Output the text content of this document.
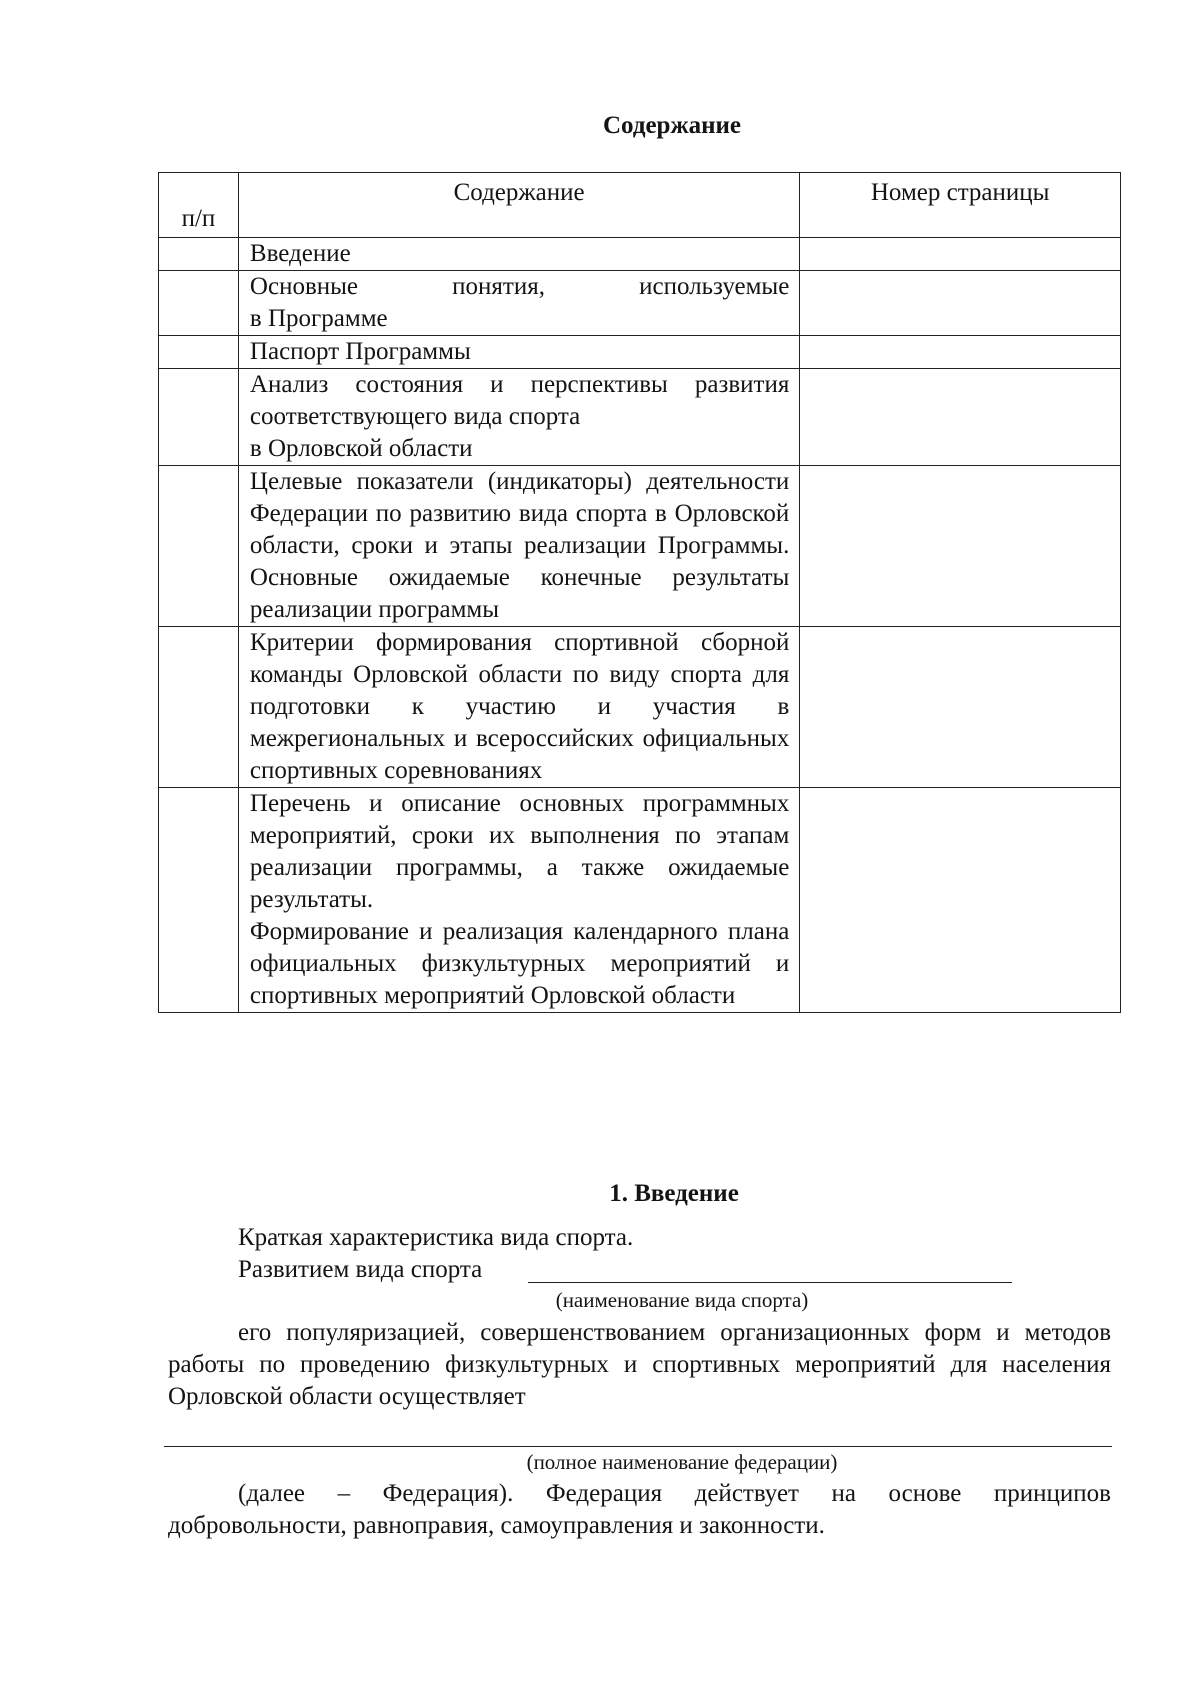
Содержание
п/п	Содержание	Номер страницы

	Введение	

	Основные понятия, используемые
в Программе	

	Паспорт Программы	

	Анализ состояния и перспективы развития
соответствующего вида спорта
в Орловской области	

	Целевые показатели (индикаторы) деятельности Федерации по развитию вида спорта в Орловской области, сроки и этапы реализации Программы. Основные ожидаемые конечные результаты реализации программы	
	Критерии формирования спортивной сборной команды Орловской области по виду спорта для подготовки к участию и участия в межрегиональных и всероссийских официальных спортивных соревнованиях	

	Перечень и описание основных программных мероприятий, сроки их выполнения по этапам реализации программы, а также ожидаемые результаты.
Формирование и реализация календарного плана официальных физкультурных мероприятий и спортивных мероприятий Орловской области	

1. Введение
Краткая характеристика вида спорта.
Развитием вида спорта
(наименование вида спорта)
его популяризацией, совершенствованием организационных форм и методов работы по проведению физкультурных и спортивных мероприятий для населения Орловской области осуществляет
(полное наименование федерации)
(далее – Федерация). Федерация действует на основе принципов добровольности, равноправия, самоуправления и законности.
